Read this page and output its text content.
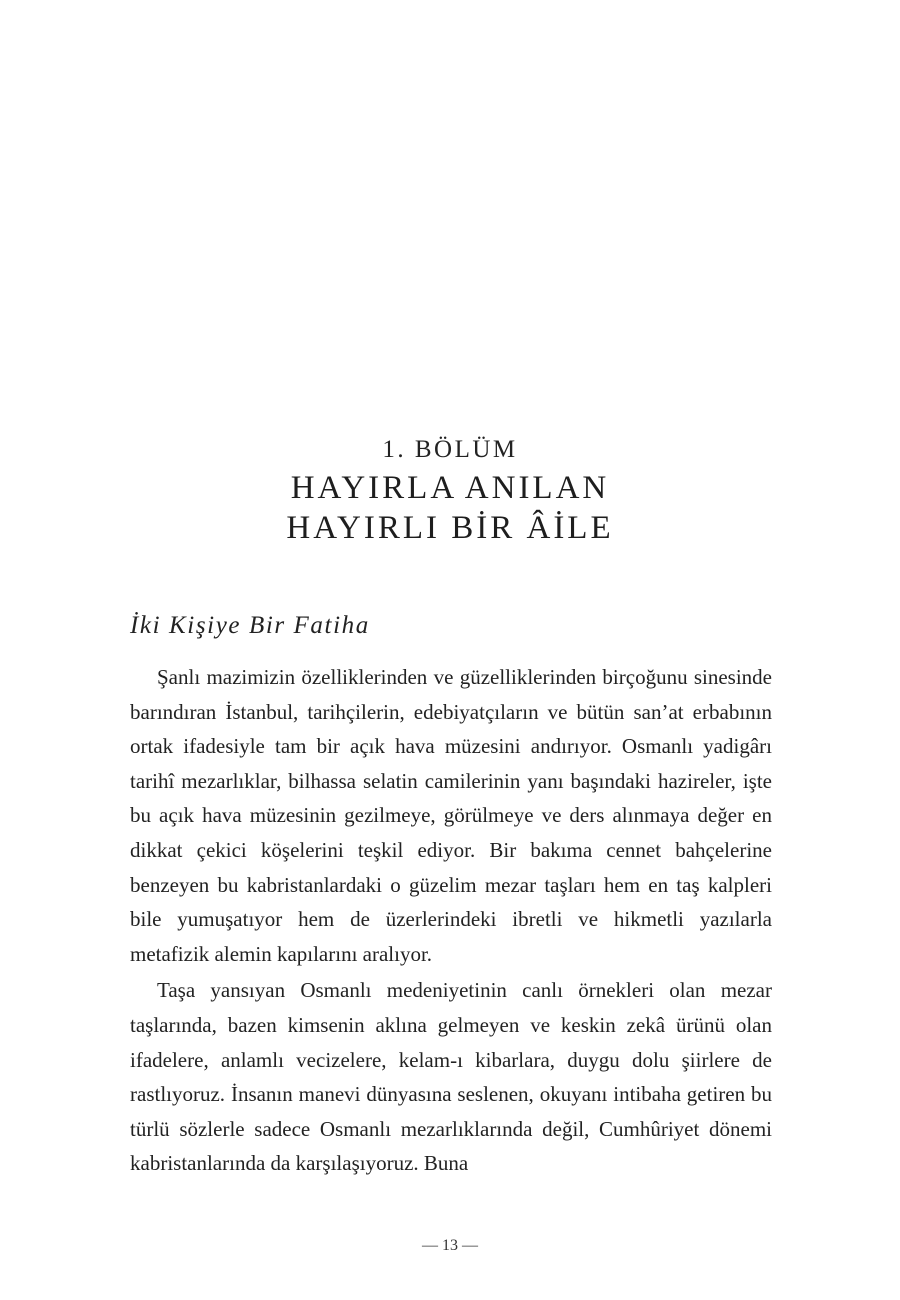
1. BÖLÜM
HAYIRLA ANILAN
HAYIRLI BİR ÂİLE
İki Kişiye Bir Fatiha

Şanlı mazimizin özelliklerinden ve güzelliklerinden birçoğunu sinesinde barındıran İstanbul, tarihçilerin, edebiyatçıların ve bütün san’at erbabının ortak ifadesiyle tam bir açık hava müzesini andırıyor. Osmanlı yadigârı tarihî mezarlıklar, bilhassa selatin camilerinin yanı başındaki hazireler, işte bu açık hava müzesinin gezilmeye, görülmeye ve ders alınmaya değer en dikkat çekici köşelerini teşkil ediyor. Bir bakıma cennet bahçelerine benzeyen bu kabristanlardaki o güzelim mezar taşları hem en taş kalpleri bile yumuşatıyor hem de üzerlerindeki ibretli ve hikmetli yazılarla metafizik alemin kapılarını aralıyor.

Taşa yansıyan Osmanlı medeniyetinin canlı örnekleri olan mezar taşlarında, bazen kimsenin aklına gelmeyen ve keskin zekâ ürünü olan ifadelere, anlamlı vecizelere, kelam-ı kibarlara, duygu dolu şiirlere de rastlıyoruz. İnsanın manevi dünyasına seslenen, okuyanı intibaha getiren bu türlü sözlerle sadece Osmanlı mezarlıklarında değil, Cumhûriyet dönemi kabristanlarında da karşılaşıyoruz. Buna

— 13 —
